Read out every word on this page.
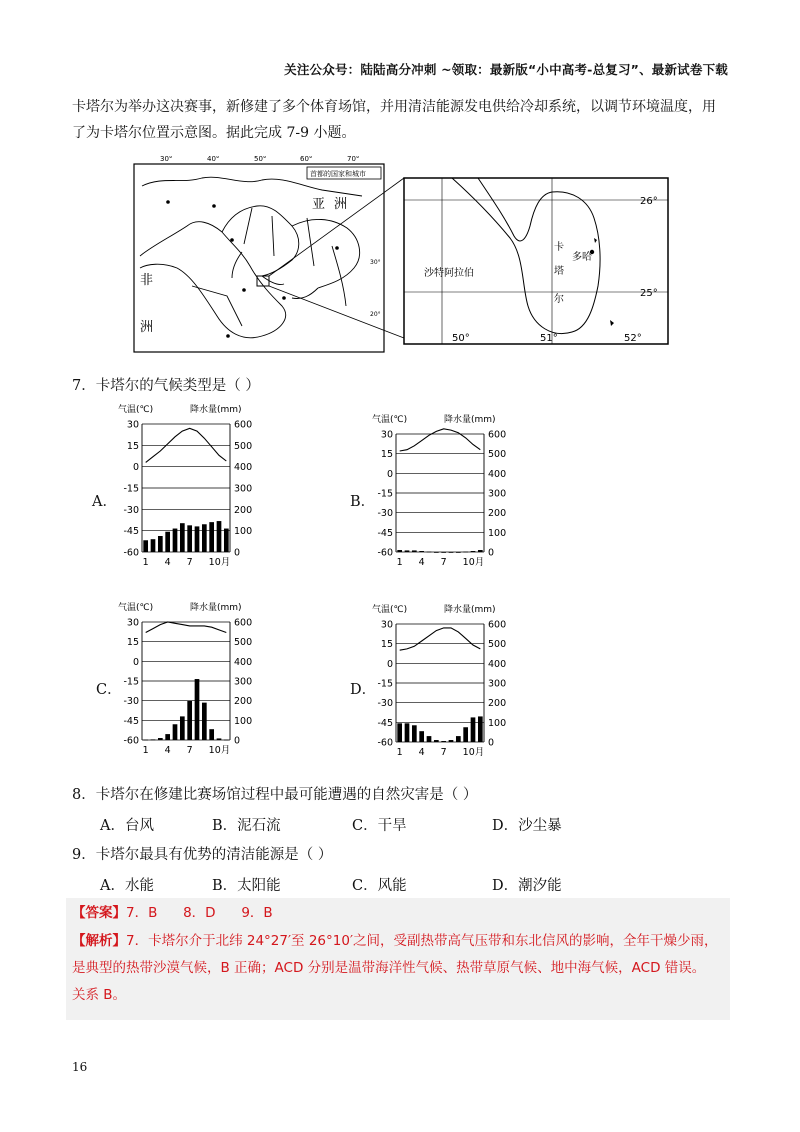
关注公众号：陆陆高分冲刺 ~领取：最新版“小中高考-总复习”、最新试卷下载
卡塔尔为举办这决赛事，新修建了多个体育场馆，并用清洁能源发电供给冷却系统，以调节环境温度，用
了为卡塔尔位置示意图。据此完成 7-9 小题。
30°	40°	50°	60°	70°
首都的国家和城市
亚 洲
非
洲
30°
20°
沙特阿拉伯
卡
塔
尔
多哈
26°
25°
50°	51°	52°
7．卡塔尔的气候类型是（ ）
A．
气温(℃)	降水量(mm)
30	600
15	500
0	400
-15	300
-30	200
-45	100
-60	0
1 4 7 10月
B．
气温(℃)	降水量(mm)
30	600
15	500
0	400
-15	300
-30	200
-45	100
-60	0
1 4 7 10月
C．
气温(℃)	降水量(mm)
30	600
15	500
0	400
-15	300
-30	200
-45	100
-60	0
1 4 7 10月
D．
气温(℃)	降水量(mm)
30	600
15	500
0	400
-15	300
-30	200
-45	100
-60	0
1 4 7 10月
8．卡塔尔在修建比赛场馆过程中最可能遭遇的自然灾害是（ ）
A．台风	B．泥石流	C．干旱	D．沙尘暴
9．卡塔尔最具有优势的清洁能源是（ ）
A．水能	B．太阳能	C．风能	D．潮汐能
【答案】7．B      8．D      9．B
【解析】7．卡塔尔介于北纬 24°27′至 26°10′之间，受副热带高气压带和东北信风的影响，全年干燥少雨，
是典型的热带沙漠气候，B 正确；ACD 分别是温带海洋性气候、热带草原气候、地中海气候，ACD 错误。
关系 B。
16
